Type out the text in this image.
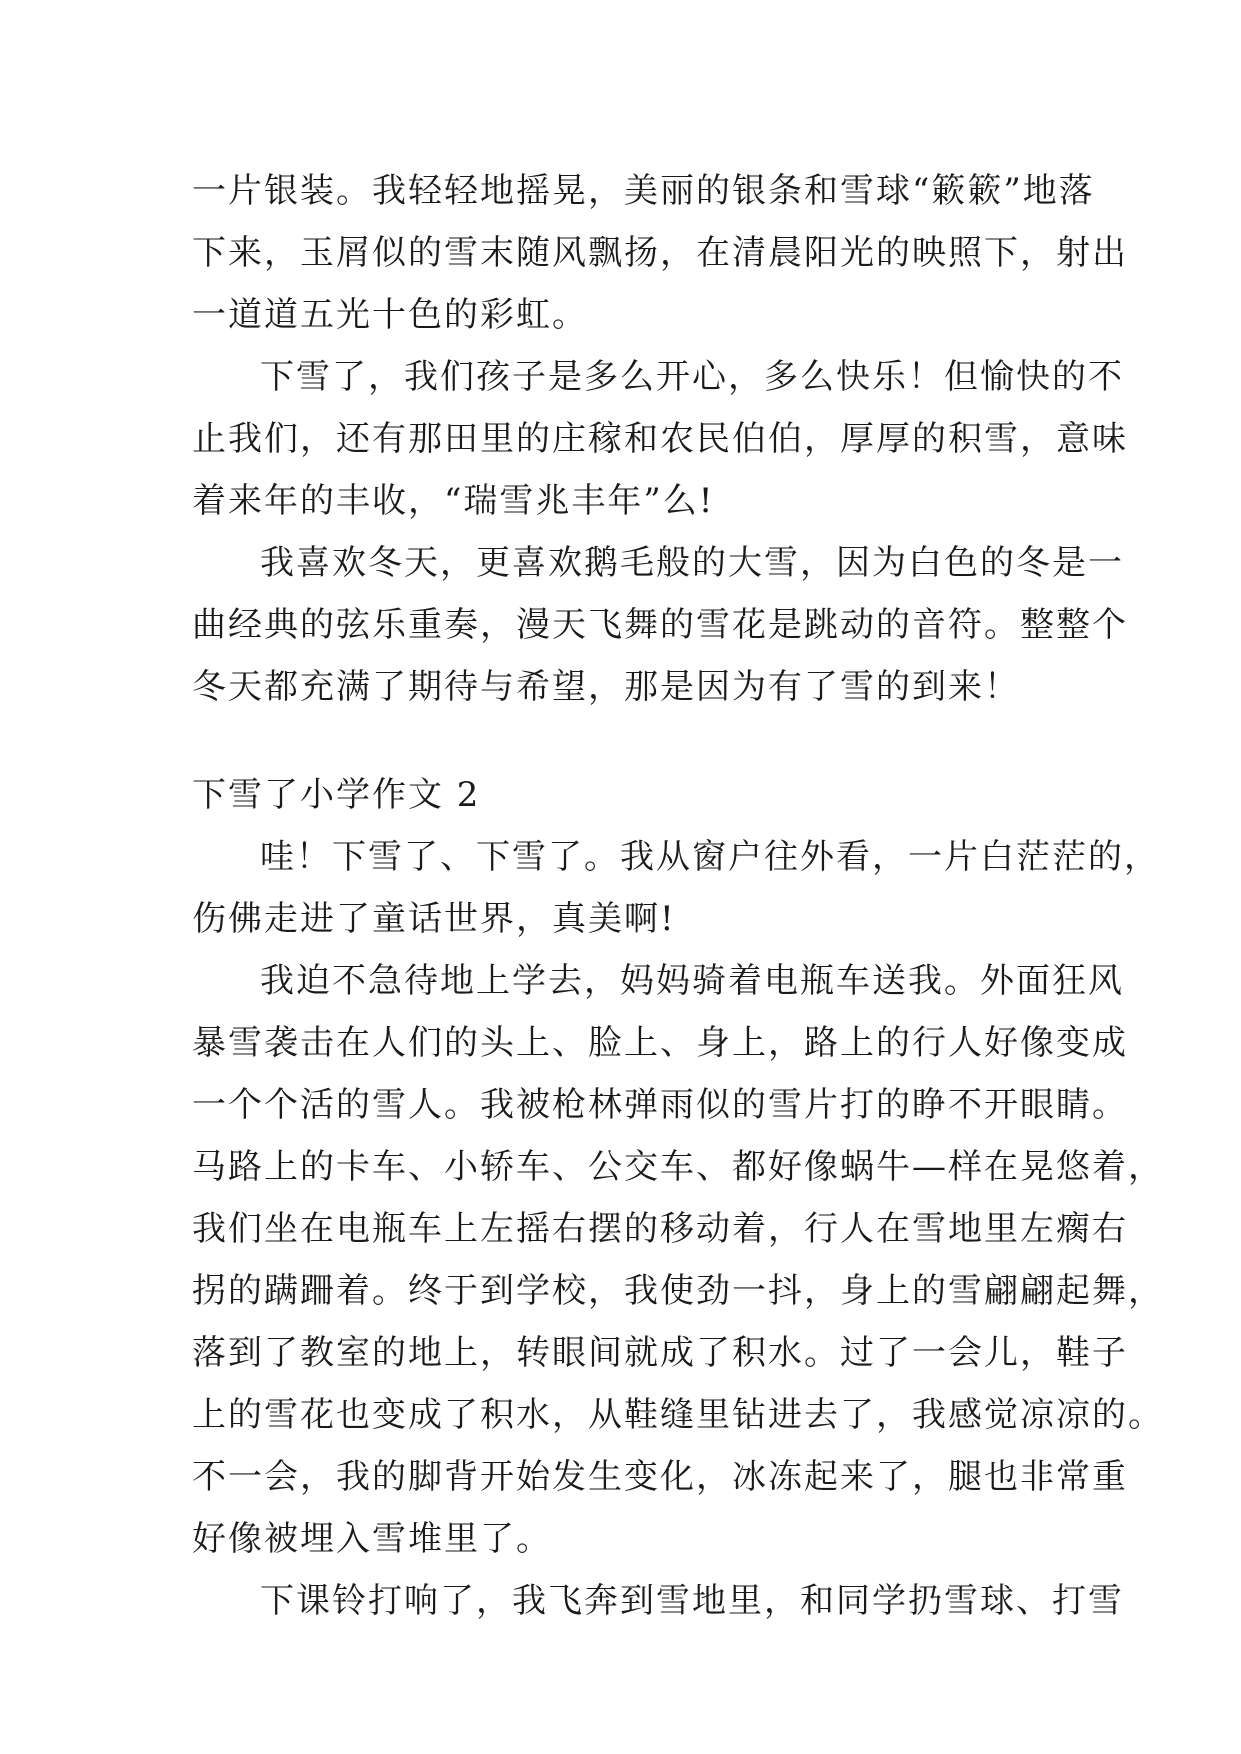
一片银装。我轻轻地摇晃，美丽的银条和雪球“簌簌”地落
下来，玉屑似的雪末随风飘扬，在清晨阳光的映照下，射出
一道道五光十色的彩虹。
下雪了，我们孩子是多么开心，多么快乐！但愉快的不
止我们，还有那田里的庄稼和农民伯伯，厚厚的积雪，意味
着来年的丰收，“瑞雪兆丰年”么!
我喜欢冬天，更喜欢鹅毛般的大雪，因为白色的冬是一
曲经典的弦乐重奏，漫天飞舞的雪花是跳动的音符。整整个
冬天都充满了期待与希望，那是因为有了雪的到来！
下雪了小学作文 2
哇！下雪了、下雪了。我从窗户往外看，一片白茫茫的，
伤佛走进了童话世界，真美啊!
我迫不急待地上学去，妈妈骑着电瓶车送我。外面狂风
暴雪袭击在人们的头上、脸上、身上，路上的行人好像变成
一个个活的雪人。我被枪林弹雨似的雪片打的睁不开眼睛。
马路上的卡车、小轿车、公交车、都好像蜗牛—样在晃悠着，
我们坐在电瓶车上左摇右摆的移动着，行人在雪地里左瘸右
拐的蹒跚着。终于到学校，我使劲一抖，身上的雪翩翩起舞，
落到了教室的地上，转眼间就成了积水。过了一会儿，鞋子
上的雪花也变成了积水，从鞋缝里钻进去了，我感觉凉凉的。
不一会，我的脚背开始发生变化，冰冻起来了，腿也非常重
好像被埋入雪堆里了。
下课铃打响了，我飞奔到雪地里，和同学扔雪球、打雪
